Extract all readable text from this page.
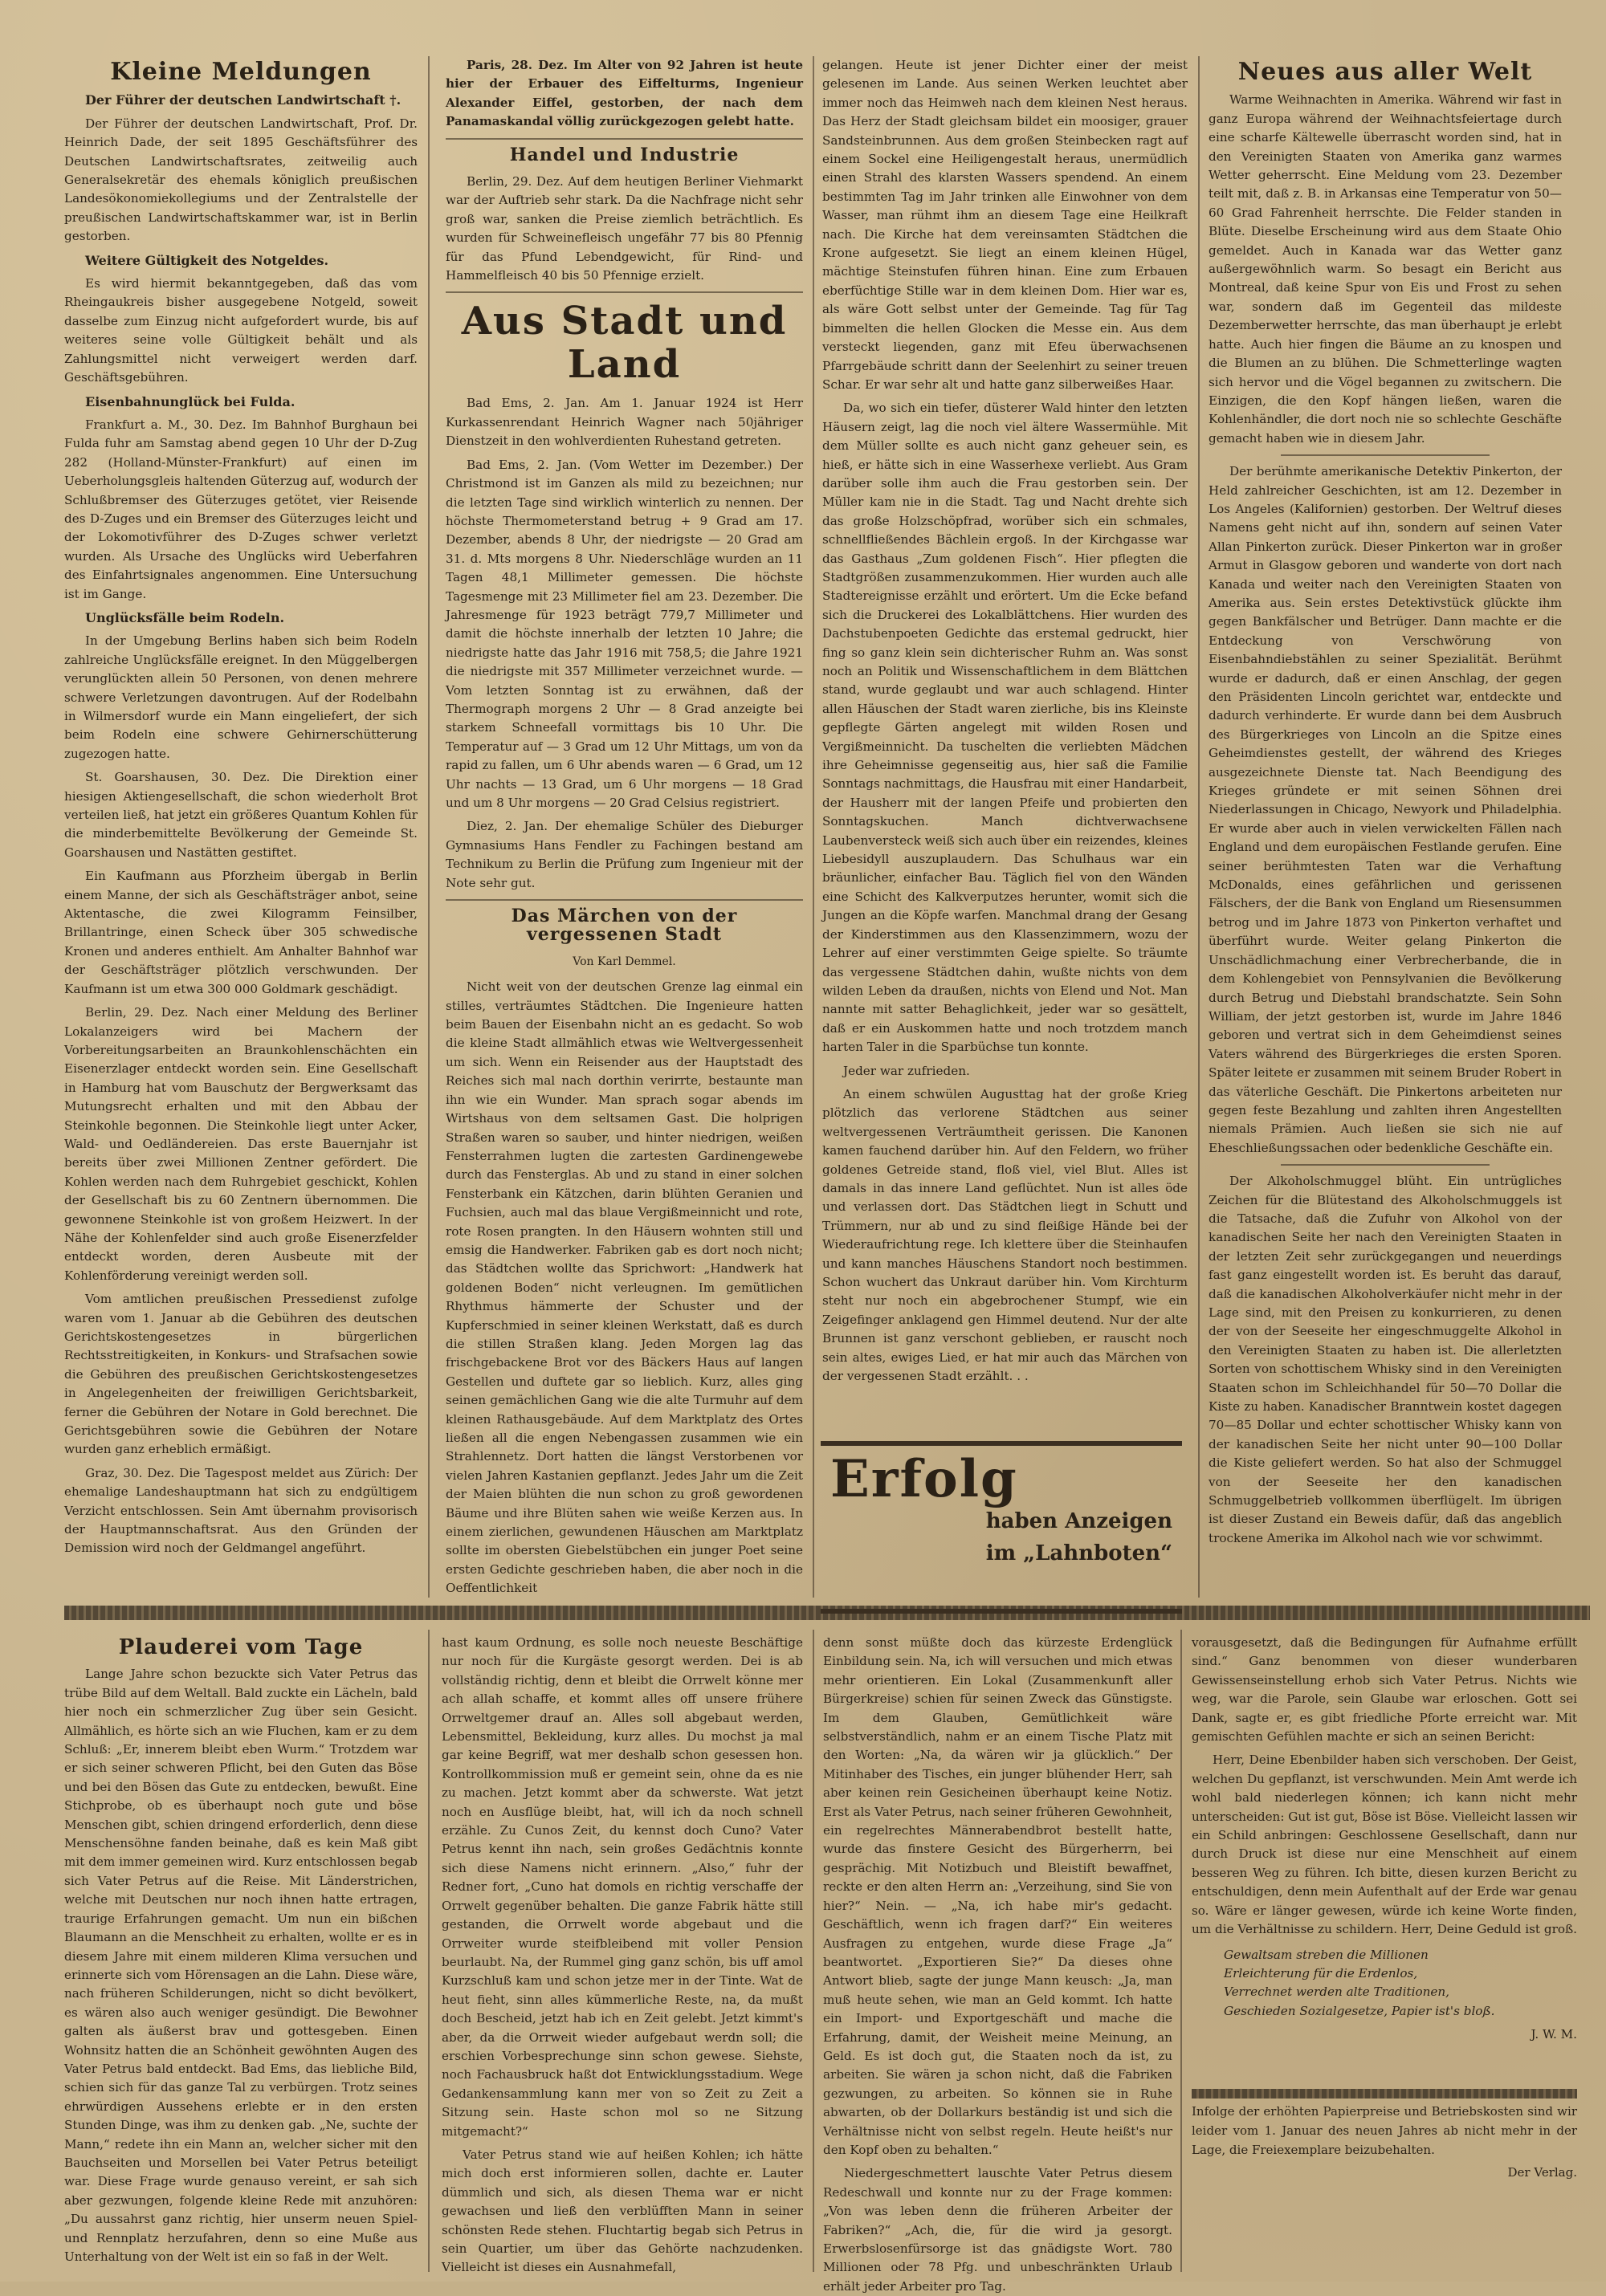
Kleine Meldungen

Der Führer der deutschen Landwirtschaft †.

Der Führer der deutschen Landwirtschaft, Prof. Dr. Heinrich Dade, der seit 1895 Geschäftsführer des Deutschen Landwirtschaftsrates, zeitweilig auch Generalsekretär des ehemals königlich preußischen Landesökonomiekollegiums und der Zentralstelle der preußischen Landwirtschaftskammer war, ist in Berlin gestorben.

Weitere Gültigkeit des Notgeldes.

Es wird hiermit bekanntgegeben, daß das vom Rheingaukreis bisher ausgegebene Notgeld, soweit dasselbe zum Einzug nicht aufgefordert wurde, bis auf weiteres seine volle Gültigkeit behält und als Zahlungsmittel nicht verweigert werden darf. Geschäftsgebühren.

Eisenbahnunglück bei Fulda.

Frankfurt a. M., 30. Dez. Im Bahnhof Burghaun bei Fulda fuhr am Samstag abend gegen 10 Uhr der D-Zug 282 (Holland-Münster-Frankfurt) auf einen im Ueberholungsgleis haltenden Güterzug auf, wodurch der Schlußbremser des Güterzuges getötet, vier Reisende des D-Zuges und ein Bremser des Güterzuges leicht und der Lokomotivführer des D-Zuges schwer verletzt wurden. Als Ursache des Unglücks wird Ueberfahren des Einfahrtsignales angenommen. Eine Untersuchung ist im Gange.

Unglücksfälle beim Rodeln.

In der Umgebung Berlins haben sich beim Rodeln zahlreiche Unglücksfälle ereignet. In den Müggelbergen verunglückten allein 50 Personen, von denen mehrere schwere Verletzungen davontrugen. Auf der Rodelbahn in Wilmersdorf wurde ein Mann eingeliefert, der sich beim Rodeln eine schwere Gehirnerschütterung zugezogen hatte.

St. Goarshausen, 30. Dez. Die Direktion einer hiesigen Aktiengesellschaft, die schon wiederholt Brot verteilen ließ, hat jetzt ein größeres Quantum Kohlen für die minderbemittelte Bevölkerung der Gemeinde St. Goarshausen und Nastätten gestiftet.

Ein Kaufmann aus Pforzheim übergab in Berlin einem Manne, der sich als Geschäftsträger anbot, seine Aktentasche, die zwei Kilogramm Feinsilber, Brillantringe, einen Scheck über 305 schwedische Kronen und anderes enthielt. Am Anhalter Bahnhof war der Geschäftsträger plötzlich verschwunden. Der Kaufmann ist um etwa 300 000 Goldmark geschädigt.

Berlin, 29. Dez. Nach einer Meldung des Berliner Lokalanzeigers wird bei Machern der Vorbereitungsarbeiten an Braunkohlenschächten ein Eisenerzlager entdeckt worden sein. Eine Gesellschaft in Hamburg hat vom Bauschutz der Bergwerksamt das Mutungsrecht erhalten und mit den Abbau der Steinkohle begonnen. Die Steinkohle liegt unter Acker, Wald- und Oedländereien. Das erste Bauernjahr ist bereits über zwei Millionen Zentner gefördert. Die Kohlen werden nach dem Ruhrgebiet geschickt, Kohlen der Gesellschaft bis zu 60 Zentnern übernommen. Die gewonnene Steinkohle ist von großem Heizwert. In der Nähe der Kohlenfelder sind auch große Eisenerzfelder entdeckt worden, deren Ausbeute mit der Kohlenförderung vereinigt werden soll.

Vom amtlichen preußischen Pressedienst zufolge waren vom 1. Januar ab die Gebühren des deutschen Gerichtskostengesetzes in bürgerlichen Rechtsstreitigkeiten, in Konkurs- und Strafsachen sowie die Gebühren des preußischen Gerichtskostengesetzes in Angelegenheiten der freiwilligen Gerichtsbarkeit, ferner die Gebühren der Notare in Gold berechnet. Die Gerichtsgebühren sowie die Gebühren der Notare wurden ganz erheblich ermäßigt.

Graz, 30. Dez. Die Tagespost meldet aus Zürich: Der ehemalige Landeshauptmann hat sich zu endgültigem Verzicht entschlossen. Sein Amt übernahm provisorisch der Hauptmannschaftsrat. Aus den Gründen der Demission wird noch der Geldmangel angeführt.

Paris, 28. Dez. Im Alter von 92 Jahren ist heute hier der Erbauer des Eiffelturms, Ingenieur Alexander Eiffel, gestorben, der nach dem Panamaskandal völlig zurückgezogen gelebt hatte.

Handel und Industrie

Berlin, 29. Dez. Auf dem heutigen Berliner Viehmarkt war der Auftrieb sehr stark. Da die Nachfrage nicht sehr groß war, sanken die Preise ziemlich beträchtlich. Es wurden für Schweinefleisch ungefähr 77 bis 80 Pfennig für das Pfund Lebendgewicht, für Rind- und Hammelfleisch 40 bis 50 Pfennige erzielt.

Aus Stadt und Land

Bad Ems, 2. Jan. Am 1. Januar 1924 ist Herr Kurkassenrendant Heinrich Wagner nach 50jähriger Dienstzeit in den wohlverdienten Ruhestand getreten.

Bad Ems, 2. Jan. (Vom Wetter im Dezember.) Der Christmond ist im Ganzen als mild zu bezeichnen; nur die letzten Tage sind wirklich winterlich zu nennen. Der höchste Thermometerstand betrug + 9 Grad am 17. Dezember, abends 8 Uhr, der niedrigste — 20 Grad am 31. d. Mts morgens 8 Uhr. Niederschläge wurden an 11 Tagen 48,1 Millimeter gemessen. Die höchste Tagesmenge mit 23 Millimeter fiel am 23. Dezember. Die Jahresmenge für 1923 beträgt 779,7 Millimeter und damit die höchste innerhalb der letzten 10 Jahre; die niedrigste hatte das Jahr 1916 mit 758,5; die Jahre 1921 die niedrigste mit 357 Millimeter verzeichnet wurde. — Vom letzten Sonntag ist zu erwähnen, daß der Thermograph morgens 2 Uhr — 8 Grad anzeigte bei starkem Schneefall vormittags bis 10 Uhr. Die Temperatur auf — 3 Grad um 12 Uhr Mittags, um von da rapid zu fallen, um 6 Uhr abends waren — 6 Grad, um 12 Uhr nachts — 13 Grad, um 6 Uhr morgens — 18 Grad und um 8 Uhr morgens — 20 Grad Celsius registriert.

Diez, 2. Jan. Der ehemalige Schüler des Dieburger Gymnasiums Hans Fendler zu Fachingen bestand am Technikum zu Berlin die Prüfung zum Ingenieur mit der Note sehr gut.

Das Märchen von der vergessenen Stadt
Von Karl Demmel.

Nicht weit von der deutschen Grenze lag einmal ein stilles, verträumtes Städtchen. Die Ingenieure hatten beim Bauen der Eisenbahn nicht an es gedacht. So wob die kleine Stadt allmählich etwas wie Weltvergessenheit um sich. Wenn ein Reisender aus der Hauptstadt des Reiches sich mal nach dorthin verirrte, bestaunte man ihn wie ein Wunder. Man sprach sogar abends im Wirtshaus von dem seltsamen Gast. Die holprigen Straßen waren so sauber, und hinter niedrigen, weißen Fensterrahmen lugten die zartesten Gardinengewebe durch das Fensterglas. Ab und zu stand in einer solchen Fensterbank ein Kätzchen, darin blühten Geranien und Fuchsien, auch mal das blaue Vergißmeinnicht und rote, rote Rosen prangten. In den Häusern wohnten still und emsig die Handwerker. Fabriken gab es dort noch nicht; das Städtchen wollte das Sprichwort: „Handwerk hat goldenen Boden“ nicht verleugnen. Im gemütlichen Rhythmus hämmerte der Schuster und der Kupferschmied in seiner kleinen Werkstatt, daß es durch die stillen Straßen klang. Jeden Morgen lag das frischgebackene Brot vor des Bäckers Haus auf langen Gestellen und duftete gar so lieblich. Kurz, alles ging seinen gemächlichen Gang wie die alte Turmuhr auf dem kleinen Rathausgebäude. Auf dem Marktplatz des Ortes ließen all die engen Nebengassen zusammen wie ein Strahlennetz. Dort hatten die längst Verstorbenen vor vielen Jahren Kastanien gepflanzt. Jedes Jahr um die Zeit der Maien blühten die nun schon zu groß gewordenen Bäume und ihre Blüten sahen wie weiße Kerzen aus. In einem zierlichen, gewundenen Häuschen am Marktplatz sollte im obersten Giebelstübchen ein junger Poet seine ersten Gedichte geschrieben haben, die aber noch in die Oeffentlichkeit

gelangen. Heute ist jener Dichter einer der meist gelesenen im Lande. Aus seinen Werken leuchtet aber immer noch das Heimweh nach dem kleinen Nest heraus. Das Herz der Stadt gleichsam bildet ein moosiger, grauer Sandsteinbrunnen. Aus dem großen Steinbecken ragt auf einem Sockel eine Heiligengestalt heraus, unermüdlich einen Strahl des klarsten Wassers spendend. An einem bestimmten Tag im Jahr trinken alle Einwohner von dem Wasser, man rühmt ihm an diesem Tage eine Heilkraft nach. Die Kirche hat dem vereinsamten Städtchen die Krone aufgesetzt. Sie liegt an einem kleinen Hügel, mächtige Steinstufen führen hinan. Eine zum Erbauen eberfüchtige Stille war in dem kleinen Dom. Hier war es, als wäre Gott selbst unter der Gemeinde. Tag für Tag bimmelten die hellen Glocken die Messe ein. Aus dem versteckt liegenden, ganz mit Efeu überwachsenen Pfarrgebäude schritt dann der Seelenhirt zu seiner treuen Schar. Er war sehr alt und hatte ganz silberweißes Haar.

Da, wo sich ein tiefer, düsterer Wald hinter den letzten Häusern zeigt, lag die noch viel ältere Wassermühle. Mit dem Müller sollte es auch nicht ganz geheuer sein, es hieß, er hätte sich in eine Wasserhexe verliebt. Aus Gram darüber solle ihm auch die Frau gestorben sein. Der Müller kam nie in die Stadt. Tag und Nacht drehte sich das große Holzschöpfrad, worüber sich ein schmales, schnellfließendes Bächlein ergoß. In der Kirchgasse war das Gasthaus „Zum goldenen Fisch“. Hier pflegten die Stadtgrößen zusammenzukommen. Hier wurden auch alle Stadtereignisse erzählt und erörtert. Um die Ecke befand sich die Druckerei des Lokalblättchens. Hier wurden des Dachstubenpoeten Gedichte das erstemal gedruckt, hier fing so ganz klein sein dichterischer Ruhm an. Was sonst noch an Politik und Wissenschaftlichem in dem Blättchen stand, wurde geglaubt und war auch schlagend. Hinter allen Häuschen der Stadt waren zierliche, bis ins Kleinste gepflegte Gärten angelegt mit wilden Rosen und Vergißmeinnicht. Da tuschelten die verliebten Mädchen ihre Geheimnisse gegenseitig aus, hier saß die Familie Sonntags nachmittags, die Hausfrau mit einer Handarbeit, der Hausherr mit der langen Pfeife und probierten den Sonntagskuchen. Manch dichtverwachsene Laubenversteck weiß sich auch über ein reizendes, kleines Liebesidyll auszuplaudern. Das Schulhaus war ein bräunlicher, einfacher Bau. Täglich fiel von den Wänden eine Schicht des Kalkverputzes herunter, womit sich die Jungen an die Köpfe warfen. Manchmal drang der Gesang der Kinderstimmen aus den Klassenzimmern, wozu der Lehrer auf einer verstimmten Geige spielte. So träumte das vergessene Städtchen dahin, wußte nichts von dem wilden Leben da draußen, nichts von Elend und Not. Man nannte mit satter Behaglichkeit, jeder war so gesättelt, daß er ein Auskommen hatte und noch trotzdem manch harten Taler in die Sparbüchse tun konnte.

Jeder war zufrieden.

An einem schwülen Augusttag hat der große Krieg plötzlich das verlorene Städtchen aus seiner weltvergessenen Verträumtheit gerissen. Die Kanonen kamen fauchend darüber hin. Auf den Feldern, wo früher goldenes Getreide stand, floß viel, viel Blut. Alles ist damals in das innere Land geflüchtet. Nun ist alles öde und verlassen dort. Das Städtchen liegt in Schutt und Trümmern, nur ab und zu sind fleißige Hände bei der Wiederaufrichtung rege. Ich klettere über die Steinhaufen und kann manches Häuschens Standort noch bestimmen. Schon wuchert das Unkraut darüber hin. Vom Kirchturm steht nur noch ein abgebrochener Stumpf, wie ein Zeigefinger anklagend gen Himmel deutend. Nur der alte Brunnen ist ganz verschont geblieben, er rauscht noch sein altes, ewiges Lied, er hat mir auch das Märchen von der vergessenen Stadt erzählt. . .

Erfolg
haben Anzeigen
im „Lahnboten“
Neues aus aller Welt

Warme Weihnachten in Amerika. Während wir fast in ganz Europa während der Weihnachtsfeiertage durch eine scharfe Kältewelle überrascht worden sind, hat in den Vereinigten Staaten von Amerika ganz warmes Wetter geherrscht. Eine Meldung vom 23. Dezember teilt mit, daß z. B. in Arkansas eine Temperatur von 50—60 Grad Fahrenheit herrschte. Die Felder standen in Blüte. Dieselbe Erscheinung wird aus dem Staate Ohio gemeldet. Auch in Kanada war das Wetter ganz außergewöhnlich warm. So besagt ein Bericht aus Montreal, daß keine Spur von Eis und Frost zu sehen war, sondern daß im Gegenteil das mildeste Dezemberwetter herrschte, das man überhaupt je erlebt hatte. Auch hier fingen die Bäume an zu knospen und die Blumen an zu blühen. Die Schmetterlinge wagten sich hervor und die Vögel begannen zu zwitschern. Die Einzigen, die den Kopf hängen ließen, waren die Kohlenhändler, die dort noch nie so schlechte Geschäfte gemacht haben wie in diesem Jahr.

Der berühmte amerikanische Detektiv Pinkerton, der Held zahlreicher Geschichten, ist am 12. Dezember in Los Angeles (Kalifornien) gestorben. Der Weltruf dieses Namens geht nicht auf ihn, sondern auf seinen Vater Allan Pinkerton zurück. Dieser Pinkerton war in großer Armut in Glasgow geboren und wanderte von dort nach Kanada und weiter nach den Vereinigten Staaten von Amerika aus. Sein erstes Detektivstück glückte ihm gegen Bankfälscher und Betrüger. Dann machte er die Entdeckung von Verschwörung von Eisenbahndiebstählen zu seiner Spezialität. Berühmt wurde er dadurch, daß er einen Anschlag, der gegen den Präsidenten Lincoln gerichtet war, entdeckte und dadurch verhinderte. Er wurde dann bei dem Ausbruch des Bürgerkrieges von Lincoln an die Spitze eines Geheimdienstes gestellt, der während des Krieges ausgezeichnete Dienste tat. Nach Beendigung des Krieges gründete er mit seinen Söhnen drei Niederlassungen in Chicago, Newyork und Philadelphia. Er wurde aber auch in vielen verwickelten Fällen nach England und dem europäischen Festlande gerufen. Eine seiner berühmtesten Taten war die Verhaftung McDonalds, eines gefährlichen und gerissenen Fälschers, der die Bank von England um Riesensummen betrog und im Jahre 1873 von Pinkerton verhaftet und überführt wurde. Weiter gelang Pinkerton die Unschädlichmachung einer Verbrecherbande, die in dem Kohlengebiet von Pennsylvanien die Bevölkerung durch Betrug und Diebstahl brandschatzte. Sein Sohn William, der jetzt gestorben ist, wurde im Jahre 1846 geboren und vertrat sich in dem Geheimdienst seines Vaters während des Bürgerkrieges die ersten Sporen. Später leitete er zusammen mit seinem Bruder Robert in das väterliche Geschäft. Die Pinkertons arbeiteten nur gegen feste Bezahlung und zahlten ihren Angestellten niemals Prämien. Auch ließen sie sich nie auf Eheschließungssachen oder bedenkliche Geschäfte ein.

Der Alkoholschmuggel blüht. Ein untrügliches Zeichen für die Blütestand des Alkoholschmuggels ist die Tatsache, daß die Zufuhr von Alkohol von der kanadischen Seite her nach den Vereinigten Staaten in der letzten Zeit sehr zurückgegangen und neuerdings fast ganz eingestellt worden ist. Es beruht das darauf, daß die kanadischen Alkoholverkäufer nicht mehr in der Lage sind, mit den Preisen zu konkurrieren, zu denen der von der Seeseite her eingeschmuggelte Alkohol in den Vereinigten Staaten zu haben ist. Die allerletzten Sorten von schottischem Whisky sind in den Vereinigten Staaten schon im Schleichhandel für 50—70 Dollar die Kiste zu haben. Kanadischer Branntwein kostet dagegen 70—85 Dollar und echter schottischer Whisky kann von der kanadischen Seite her nicht unter 90—100 Dollar die Kiste geliefert werden. So hat also der Schmuggel von der Seeseite her den kanadischen Schmuggelbetrieb vollkommen überflügelt. Im übrigen ist dieser Zustand ein Beweis dafür, daß das angeblich trockene Amerika im Alkohol nach wie vor schwimmt.

Plauderei vom Tage

Lange Jahre schon bezuckte sich Vater Petrus das trübe Bild auf dem Weltall. Bald zuckte ein Lächeln, bald hier noch ein schmerzlicher Zug über sein Gesicht. Allmählich, es hörte sich an wie Fluchen, kam er zu dem Schluß: „Er, innerem bleibt eben Wurm.“ Trotzdem war er sich seiner schweren Pflicht, bei den Guten das Böse und bei den Bösen das Gute zu entdecken, bewußt. Eine Stichprobe, ob es überhaupt noch gute und böse Menschen gibt, schien dringend erforderlich, denn diese Menschensöhne fanden beinahe, daß es kein Maß gibt mit dem immer gemeinen wird. Kurz entschlossen begab sich Vater Petrus auf die Reise. Mit Länderstrichen, welche mit Deutschen nur noch ihnen hatte ertragen, traurige Erfahrungen gemacht. Um nun ein bißchen Blaumann an die Menschheit zu erhalten, wollte er es in diesem Jahre mit einem milderen Klima versuchen und erinnerte sich vom Hörensagen an die Lahn. Diese wäre, nach früheren Schilderungen, nicht so dicht bevölkert, es wären also auch weniger gesündigt. Die Bewohner galten als äußerst brav und gottesgeben. Einen Wohnsitz hatten die an Schönheit gewöhnten Augen des Vater Petrus bald entdeckt. Bad Ems, das liebliche Bild, schien sich für das ganze Tal zu verbürgen. Trotz seines ehrwürdigen Aussehens erlebte er in den ersten Stunden Dinge, was ihm zu denken gab. „Ne, suchte der Mann,“ redete ihn ein Mann an, welcher sicher mit den Bauchseiten und Morsellen bei Vater Petrus beteiligt war. Diese Frage wurde genauso vereint, er sah sich aber gezwungen, folgende kleine Rede mit anzuhören: „Du aussahrst ganz richtig, hier unserm neuen Spiel- und Rennplatz herzufahren, denn so eine Muße aus Unterhaltung von der Welt ist ein so faß in der Welt.

hast kaum Ordnung, es solle noch neueste Beschäftige nur noch für die Kurgäste gesorgt werden. Dei is ab vollständig richtig, denn et bleibt die Orrwelt könne mer ach allah schaffe, et kommt alles off unsere frühere Orrweltgemer drauf an. Alles soll abgebaut werden, Lebensmittel, Bekleidung, kurz alles. Du mochst ja mal gar keine Begriff, wat mer deshalb schon gesessen hon. Kontrollkommission muß er gemeint sein, ohne da es nie zu machen. Jetzt kommt aber da schwerste. Wat jetzt noch en Ausflüge bleibt, hat, will ich da noch schnell erzähle. Zu Cunos Zeit, du kennst doch Cuno? Vater Petrus kennt ihn nach, sein großes Gedächtnis konnte sich diese Namens nicht erinnern. „Also,“ fuhr der Redner fort, „Cuno hat domols en richtig verschaffe der Orrwelt gegenüber behalten. Die ganze Fabrik hätte still gestanden, die Orrwelt worde abgebaut und die Orrweiter wurde steifbleibend mit voller Pension beurlaubt. Na, der Rummel ging ganz schön, bis uff amol Kurzschluß kam und schon jetze mer in der Tinte. Wat de heut fieht, sinn alles kümmerliche Reste, na, da mußt doch Bescheid, jetzt hab ich en Zeit gelebt. Jetzt kimmt's aber, da die Orrweit wieder aufgebaut werdn soll; die erschien Vorbesprechunge sinn schon gewese. Siehste, noch Fachausbruck haßt dot Entwicklungsstadium. Wege Gedankensammlung kann mer von so Zeit zu Zeit a Sitzung sein. Haste schon mol so ne Sitzung mitgemacht?“

Vater Petrus stand wie auf heißen Kohlen; ich hätte mich doch erst informieren sollen, dachte er. Lauter dümmlich und sich, als diesen Thema war er nicht gewachsen und ließ den verblüfften Mann in seiner schönsten Rede stehen. Fluchtartig begab sich Petrus in sein Quartier, um über das Gehörte nachzudenken. Vielleicht ist dieses ein Ausnahmefall,

denn sonst müßte doch das kürzeste Erdenglück Einbildung sein. Na, ich will versuchen und mich etwas mehr orientieren. Ein Lokal (Zusammenkunft aller Bürgerkreise) schien für seinen Zweck das Günstigste. Im dem Glauben, Gemütlichkeit wäre selbstverständlich, nahm er an einem Tische Platz mit den Worten: „Na, da wären wir ja glücklich.“ Der Mitinhaber des Tisches, ein junger blühender Herr, sah aber keinen rein Gesicheinen überhaupt keine Notiz. Erst als Vater Petrus, nach seiner früheren Gewohnheit, ein regelrechtes Männerabendbrot bestellt hatte, wurde das finstere Gesicht des Bürgerherrn, bei gesprächig. Mit Notizbuch und Bleistift bewaffnet, reckte er den alten Herrn an: „Verzeihung, sind Sie von hier?“ Nein. — „Na, ich habe mir's gedacht. Geschäftlich, wenn ich fragen darf?“ Ein weiteres Ausfragen zu entgehen, wurde diese Frage „Ja“ beantwortet. „Exportieren Sie?“ Da dieses ohne Antwort blieb, sagte der junge Mann keusch: „Ja, man muß heute sehen, wie man an Geld kommt. Ich hatte ein Import- und Exportgeschäft und mache die Erfahrung, damit, der Weisheit meine Meinung, an Geld. Es ist doch gut, die Staaten noch da ist, zu arbeiten. Sie wären ja schon nicht, daß die Fabriken gezwungen, zu arbeiten. So können sie in Ruhe abwarten, ob der Dollarkurs beständig ist und sich die Verhältnisse nicht von selbst regeln. Heute heißt's nur den Kopf oben zu behalten.“

Niedergeschmettert lauschte Vater Petrus diesem Redeschwall und konnte nur zu der Frage kommen: „Von was leben denn die früheren Arbeiter der Fabriken?“ „Ach, die, für die wird ja gesorgt. Erwerbslosenfürsorge ist das gnädigste Wort. 780 Millionen oder 78 Pfg. und unbeschränkten Urlaub erhält jeder Arbeiter pro Tag.

vorausgesetzt, daß die Bedingungen für Aufnahme erfüllt sind.“ Ganz benommen von dieser wunderbaren Gewissenseinstellung erhob sich Vater Petrus. Nichts wie weg, war die Parole, sein Glaube war erloschen. Gott sei Dank, sagte er, es gibt friedliche Pforte erreicht war. Mit gemischten Gefühlen machte er sich an seinen Bericht:

Herr, Deine Ebenbilder haben sich verschoben. Der Geist, welchen Du gepflanzt, ist verschwunden. Mein Amt werde ich wohl bald niederlegen können; ich kann nicht mehr unterscheiden: Gut ist gut, Böse ist Böse. Vielleicht lassen wir ein Schild anbringen: Geschlossene Gesellschaft, dann nur durch Druck ist diese nur eine Menschheit auf einem besseren Weg zu führen. Ich bitte, diesen kurzen Bericht zu entschuldigen, denn mein Aufenthalt auf der Erde war genau so. Wäre er länger gewesen, würde ich keine Worte finden, um die Verhältnisse zu schildern. Herr, Deine Geduld ist groß.

Gewaltsam streben die Millionen
Erleichterung für die Erdenlos,
Verrechnet werden alte Traditionen,
Geschieden Sozialgesetze, Papier ist's bloß.
J. W. M.
Infolge der erhöhten Papierpreise und Betriebskosten sind wir leider vom 1. Januar des neuen Jahres ab nicht mehr in der Lage, die Freiexemplare beizubehalten.
Der Verlag.
